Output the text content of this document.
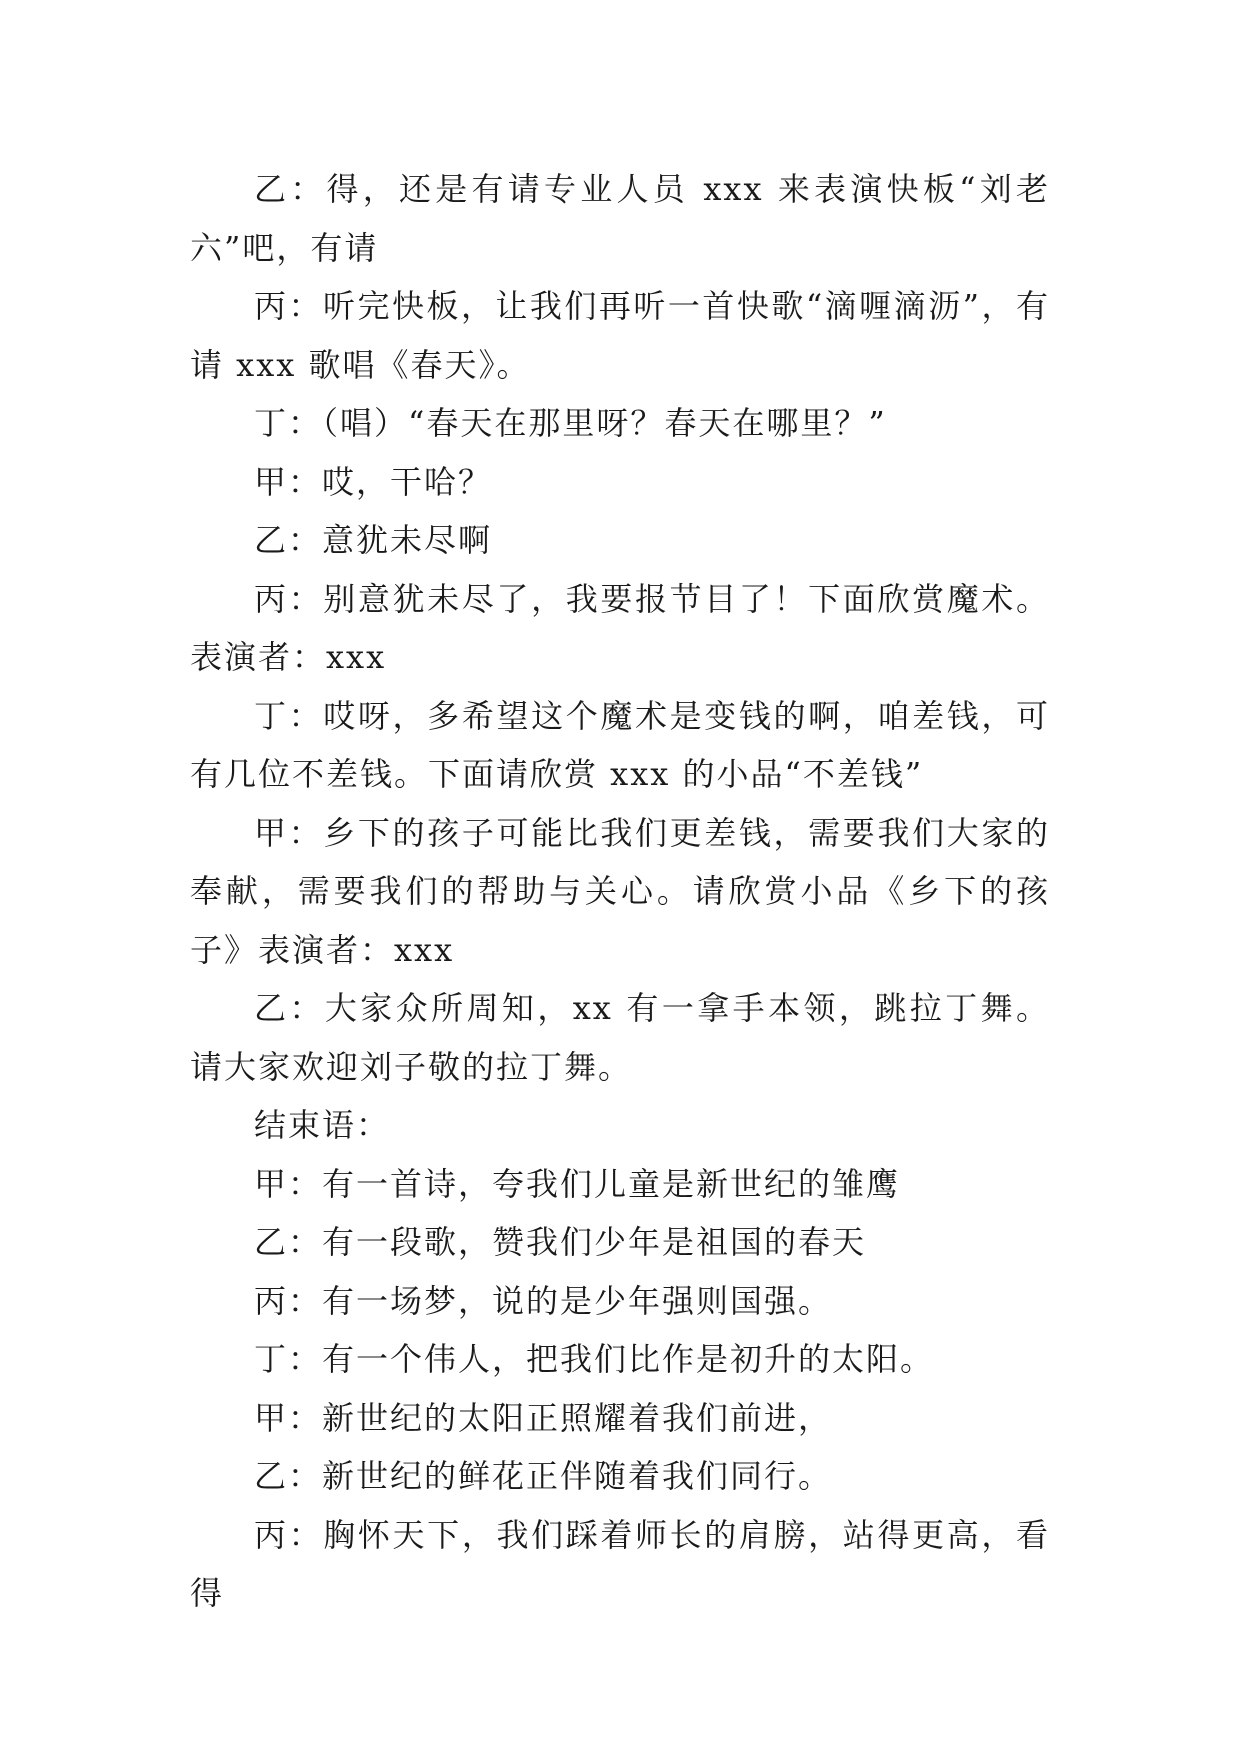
乙：得，还是有请专业人员 xxx 来表演快板“刘老六”吧，有请

丙：听完快板，让我们再听一首快歌“滴喱滴沥”，有请 xxx 歌唱《春天》。

丁：（唱）“春天在那里呀？春天在哪里？”

甲：哎，干哈？

乙：意犹未尽啊

丙：别意犹未尽了，我要报节目了！下面欣赏魔术。表演者：xxx

丁：哎呀，多希望这个魔术是变钱的啊，咱差钱，可有几位不差钱。下面请欣赏 xxx 的小品“不差钱”

甲：乡下的孩子可能比我们更差钱，需要我们大家的奉献，需要我们的帮助与关心。请欣赏小品《乡下的孩子》表演者：xxx

乙：大家众所周知，xx 有一拿手本领，跳拉丁舞。请大家欢迎刘子敬的拉丁舞。

结束语：

甲：有一首诗，夸我们儿童是新世纪的雏鹰

乙：有一段歌，赞我们少年是祖国的春天

丙：有一场梦，说的是少年强则国强。

丁：有一个伟人，把我们比作是初升的太阳。

甲：新世纪的太阳正照耀着我们前进，

乙：新世纪的鲜花正伴随着我们同行。

丙：胸怀天下，我们踩着师长的肩膀，站得更高，看得
